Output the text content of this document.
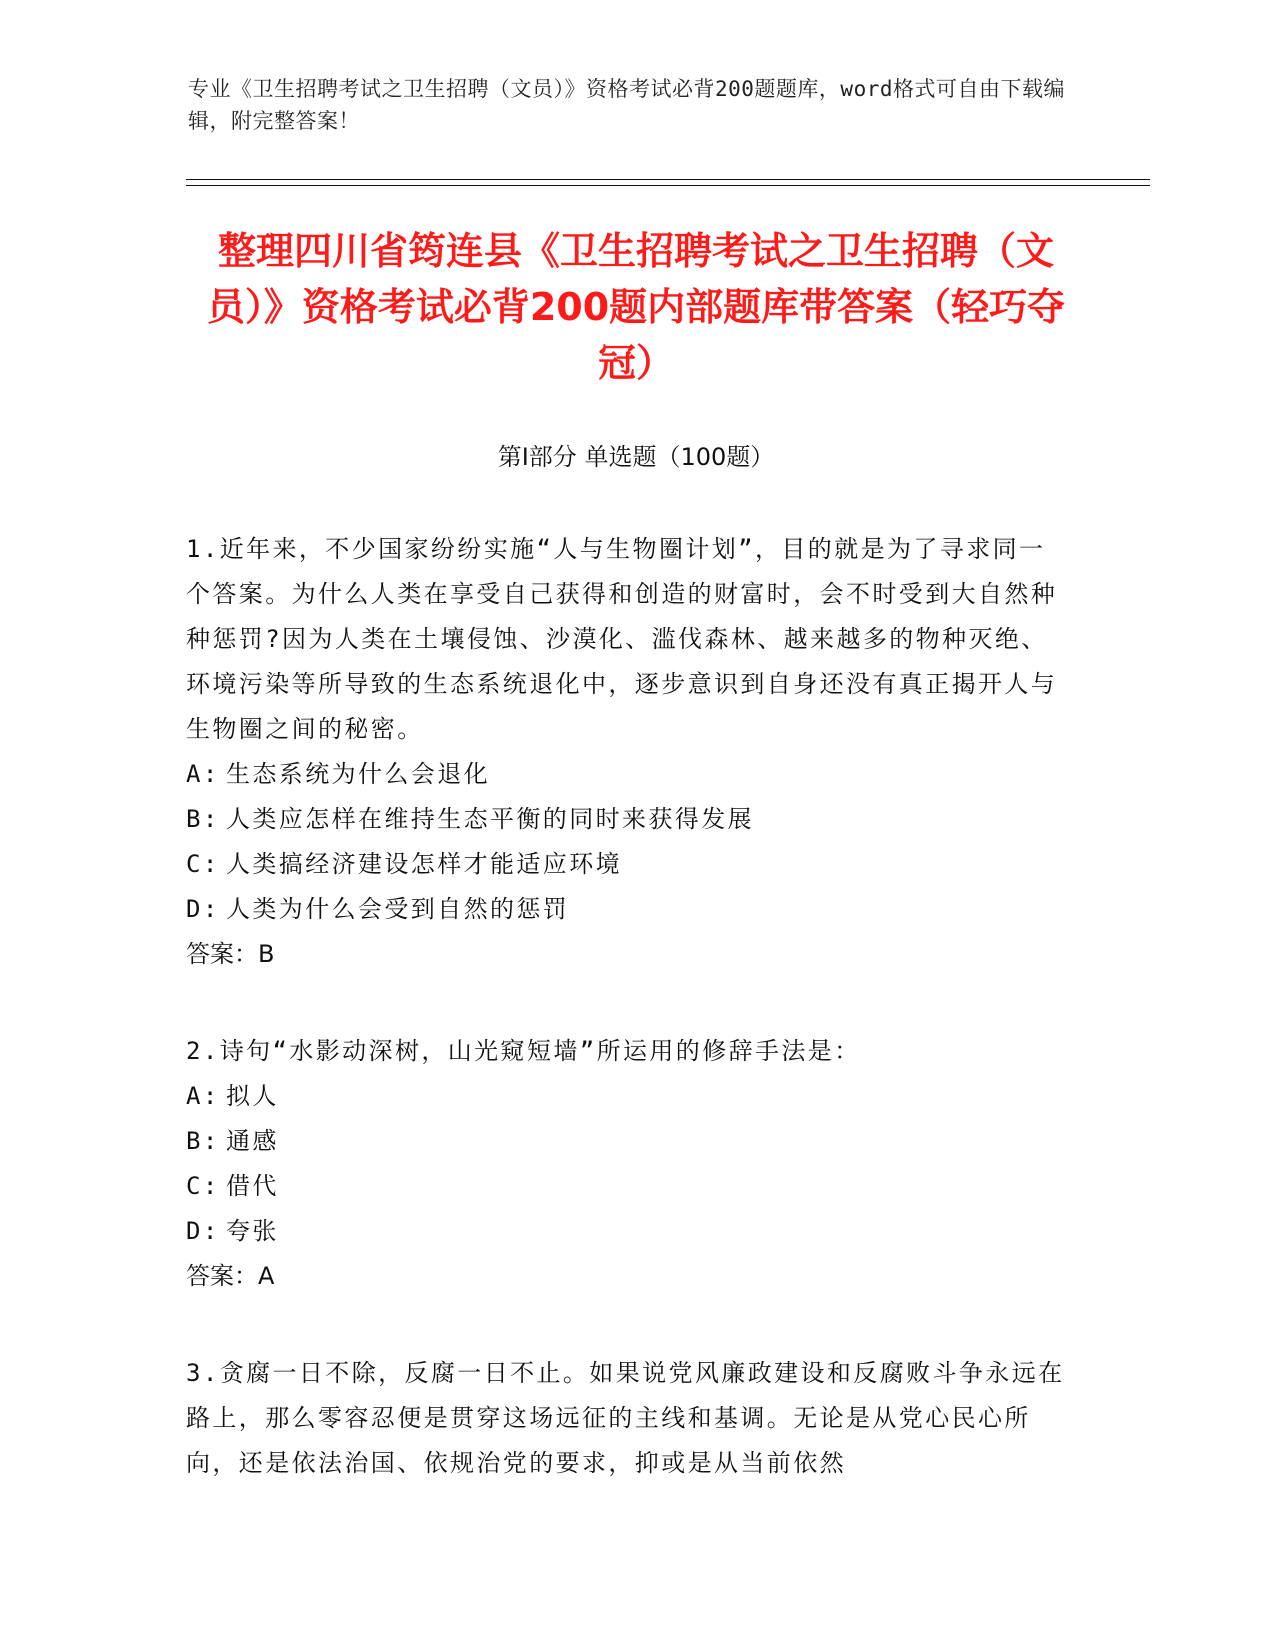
专业《卫生招聘考试之卫生招聘（文员）》资格考试必背200题题库，word格式可自由下载编辑，附完整答案！
整理四川省筠连县《卫生招聘考试之卫生招聘（文员）》资格考试必背200题内部题库带答案（轻巧夺冠）
第Ⅰ部分 单选题（100题）

1.近年来，不少国家纷纷实施“人与生物圈计划”，目的就是为了寻求同一个答案。为什么人类在享受自己获得和创造的财富时，会不时受到大自然种种惩罚?因为人类在土壤侵蚀、沙漠化、滥伐森林、越来越多的物种灭绝、环境污染等所导致的生态系统退化中，逐步意识到自身还没有真正揭开人与生物圈之间的秘密。

A: 生态系统为什么会退化

B: 人类应怎样在维持生态平衡的同时来获得发展

C: 人类搞经济建设怎样才能适应环境

D: 人类为什么会受到自然的惩罚

答案：B

2.诗句“水影动深树，山光窥短墙”所运用的修辞手法是：

A: 拟人

B: 通感

C: 借代

D: 夸张

答案：A

3.贪腐一日不除，反腐一日不止。如果说党风廉政建设和反腐败斗争永远在路上，那么零容忍便是贯穿这场远征的主线和基调。无论是从党心民心所向，还是依法治国、依规治党的要求，抑或是从当前依然
